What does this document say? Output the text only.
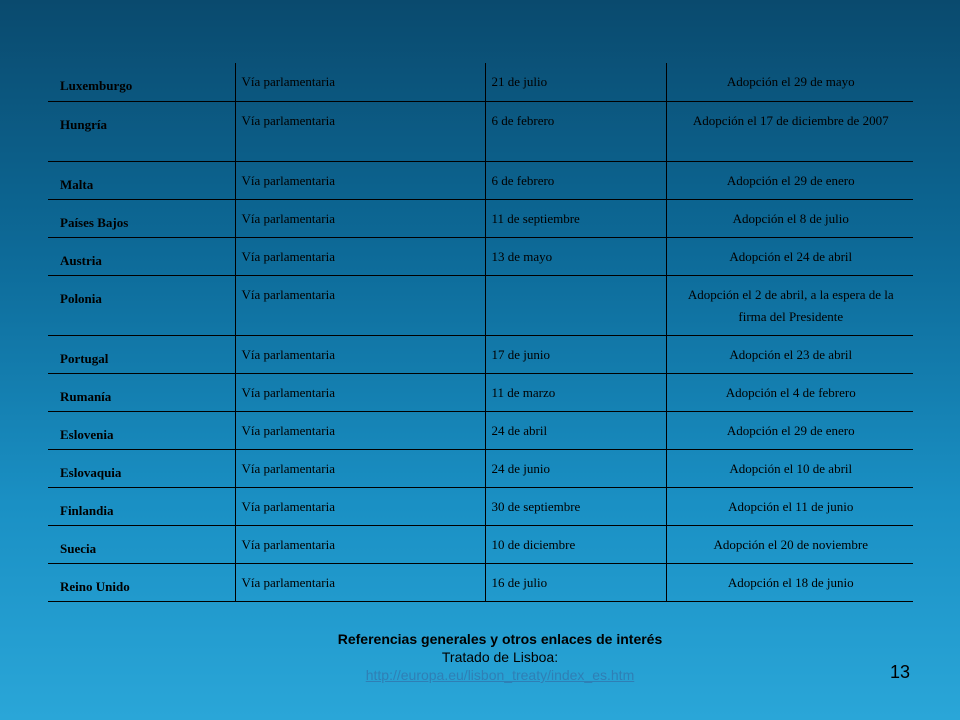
Luxemburgo	Vía parlamentaria	21 de julio	Adopción el 29 de mayo
Hungría	Vía parlamentaria	6 de febrero	Adopción el 17 de diciembre de 2007
Malta	Vía parlamentaria	6 de febrero	Adopción el 29 de enero
Países Bajos	Vía parlamentaria	11 de septiembre	Adopción el 8 de julio
Austria	Vía parlamentaria	13 de mayo	Adopción el 24 de abril
Polonia	Vía parlamentaria		Adopción el 2 de abril, a la espera de la firma del Presidente
Portugal	Vía parlamentaria	17 de junio	Adopción el 23 de abril
Rumanía	Vía parlamentaria	11 de marzo	Adopción el 4 de febrero
Eslovenia	Vía parlamentaria	24 de abril	Adopción el 29 de enero
Eslovaquia	Vía parlamentaria	24 de junio	Adopción el 10 de abril
Finlandia	Vía parlamentaria	30 de septiembre	Adopción el 11 de junio
Suecia	Vía parlamentaria	10 de diciembre	Adopción el 20 de noviembre
Reino Unido	Vía parlamentaria	16 de julio	Adopción el 18 de junio
Referencias generales y otros enlaces de interés
Tratado de Lisboa:
http://europa.eu/lisbon_treaty/index_es.htm	13
